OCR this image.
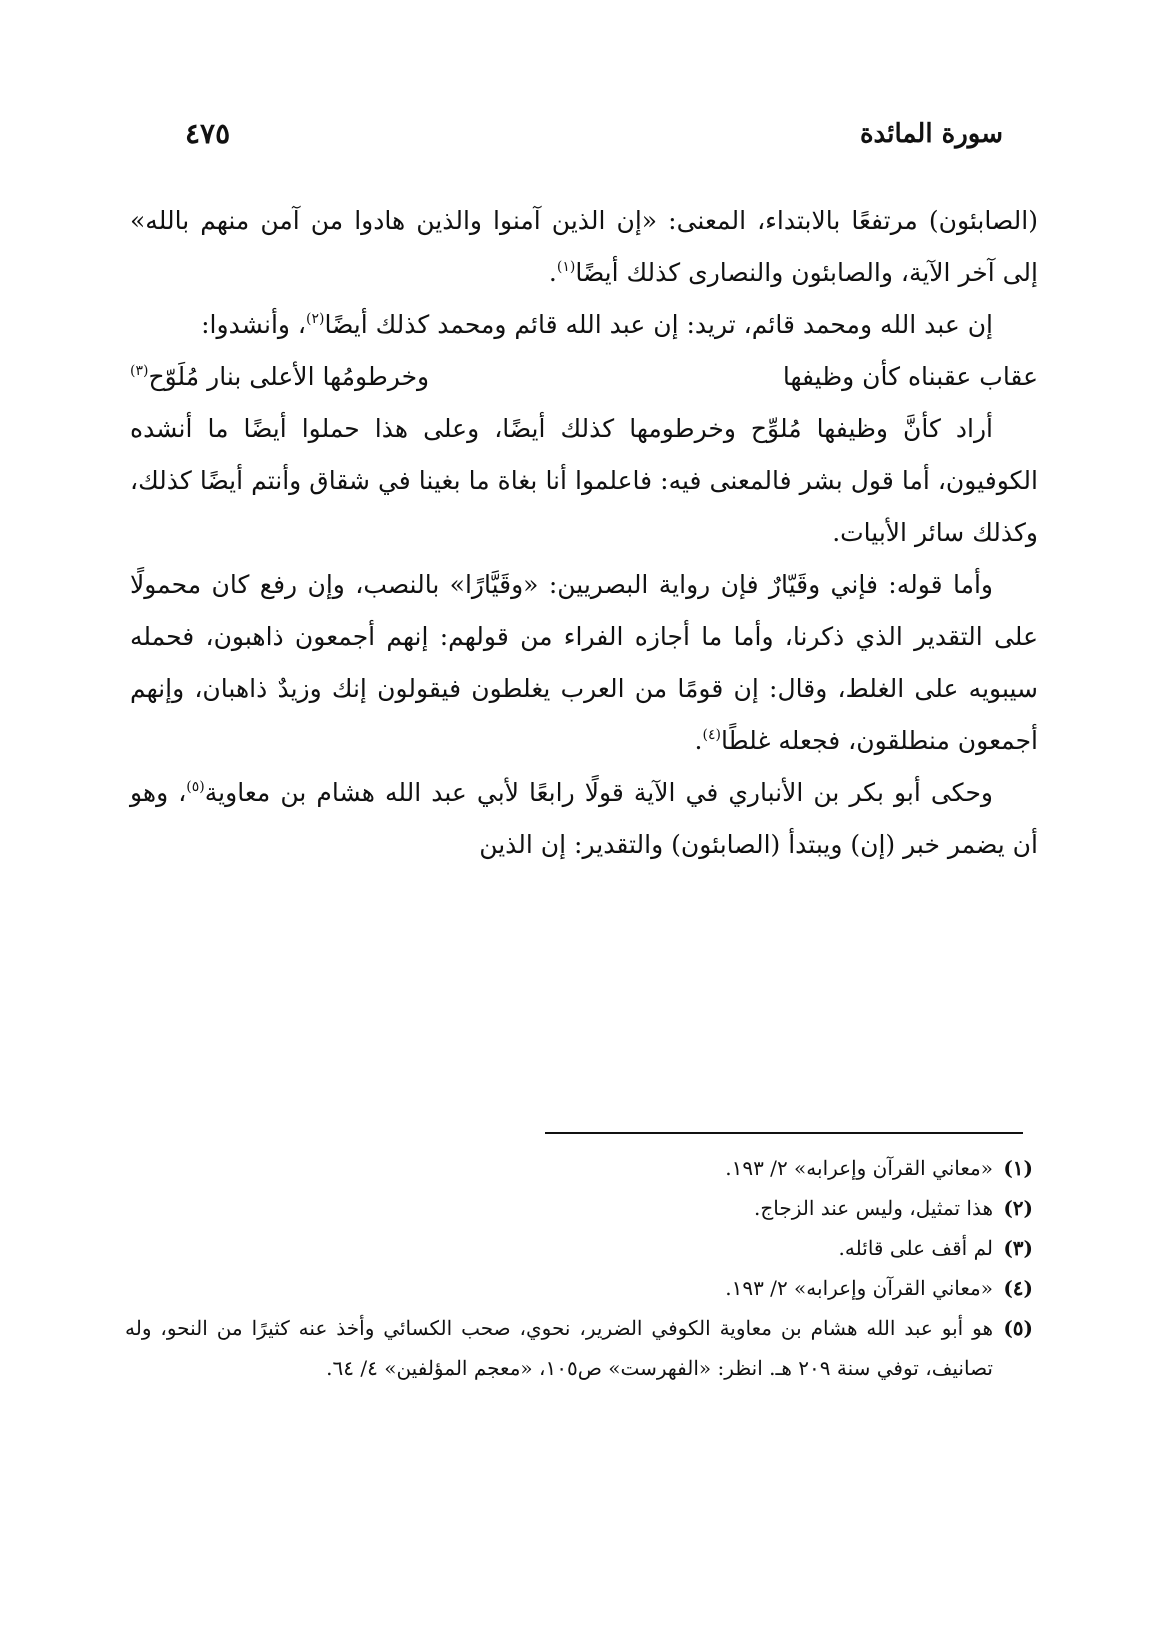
سورة المائدة
٤٧٥

(الصابئون) مرتفعًا بالابتداء، المعنى: «إن الذين آمنوا والذين هادوا من آمن منهم بالله» إلى آخر الآية، والصابئون والنصارى كذلك أيضًا$^{(١)}$.

إن عبد الله ومحمد قائم، تريد: إن عبد الله قائم ومحمد كذلك أيضًا$^{(٢)}$، وأنشدوا:

عقاب عقبناه كأن وظيفها
وخرطومُها الأعلى بنار مُلَوّح$^{(٣)}$

أراد كأنَّ وظيفها مُلوِّح وخرطومها كذلك أيضًا، وعلى هذا حملوا أيضًا ما أنشده الكوفيون، أما قول بشر فالمعنى فيه: فاعلموا أنا بغاة ما بغينا في شقاق وأنتم أيضًا كذلك، وكذلك سائر الأبيات.

وأما قوله: فإني وقَيّارٌ فإن رواية البصريين: «وقَيَّارًا» بالنصب، وإن رفع كان محمولًا على التقدير الذي ذكرنا، وأما ما أجازه الفراء من قولهم: إنهم أجمعون ذاهبون، فحمله سيبويه على الغلط، وقال: إن قومًا من العرب يغلطون فيقولون إنك وزيدٌ ذاهبان، وإنهم أجمعون منطلقون، فجعله غلطًا$^{(٤)}$.

وحكى أبو بكر بن الأنباري في الآية قولًا رابعًا لأبي عبد الله هشام بن معاوية$^{(٥)}$، وهو أن يضمر خبر (إن) ويبتدأ (الصابئون) والتقدير: إن الذين

(١)
«معاني القرآن وإعرابه» ٢/ ١٩٣.
(٢)
هذا تمثيل، وليس عند الزجاج.
(٣)
لم أقف على قائله.
(٤)
«معاني القرآن وإعرابه» ٢/ ١٩٣.
(٥)
هو أبو عبد الله هشام بن معاوية الكوفي الضرير، نحوي، صحب الكسائي وأخذ عنه كثيرًا من النحو، وله تصانيف، توفي سنة ٢٠٩ هـ. انظر: «الفهرست» ص١٠٥، «معجم المؤلفين» ٤/ ٦٤.
